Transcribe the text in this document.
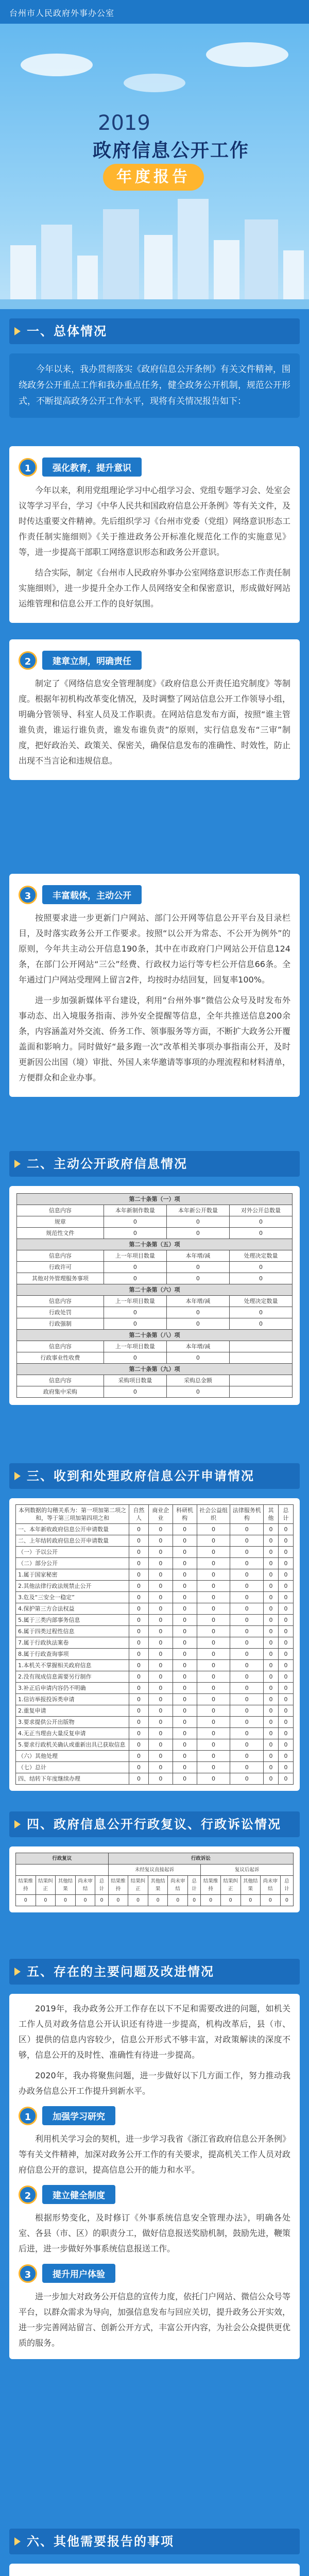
台州市人民政府外事办公室
2019
政府信息公开工作
年度报告
一、总体情况

今年以来，我办贯彻落实《政府信息公开条例》有关文件精神，围绕政务公开重点工作和我办重点任务，健全政务公开机制，规范公开形式，不断提高政务公开工作水平，现将有关情况报告如下：

1	强化教育，提升意识

今年以来，利用党组理论学习中心组学习会、党组专题学习会、处室会议等学习平台，学习《中华人民共和国政府信息公开条例》等有关文件，及时传达重要文件精神。先后组织学习《台州市党委（党组）网络意识形态工作责任制实施细则》《关于推进政务公开标准化规范化工作的实施意见》等，进一步提高干部职工网络意识形态和政务公开意识。

结合实际，制定《台州市人民政府外事办公室网络意识形态工作责任制实施细则》，进一步提升全办工作人员网络安全和保密意识，形成做好网站运维管理和信息公开工作的良好氛围。

2	建章立制，明确责任

制定了《网络信息安全管理制度》《政府信息公开责任追究制度》等制度。根据年初机构改革变化情况，及时调整了网站信息公开工作领导小组，明确分管领导、科室人员及工作职责。在网站信息发布方面，按照“谁主管谁负责，谁运行谁负责，谁发布谁负责”的原则，实行信息发布“三审”制度，把好政治关、政策关、保密关，确保信息发布的准确性、时效性，防止出现不当言论和违规信息。

3	丰富载体，主动公开

按照要求进一步更新门户网站、部门公开网等信息公开平台及目录栏目，及时落实政务公开工作要求。按照“以公开为常态、不公开为例外”的原则，今年共主动公开信息190条，其中在市政府门户网站公开信息124条，在部门公开网站“三公”经费、行政权力运行等专栏公开信息66条。全年通过门户网站受理网上留言2件，均按时办结回复，回复率100%。

进一步加强新媒体平台建设，利用“台州外事”微信公众号及时发布外事动态、出入境服务指南、涉外安全提醒等信息，全年共推送信息200余条，内容涵盖对外交流、侨务工作、领事服务等方面，不断扩大政务公开覆盖面和影响力。同时做好“最多跑一次”改革相关事项办事指南公开，及时更新因公出国（境）审批、外国人来华邀请等事项的办理流程和材料清单，方便群众和企业办事。

二、主动公开政府信息情况
第二十条第（一）项			
信息内容	本年新制作数量	本年新公开数量	对外公开总数量
规章	0	0	0
规范性文件	0	0	0
第二十条第（五）项			
信息内容	上一年项目数量	本年增/减	处理决定数量
行政许可	0	0	0
其他对外管理服务事项	0	0	0
第二十条第（六）项			
信息内容	上一年项目数量	本年增/减	处理决定数量
行政处罚	0	0	0
行政强制	0	0	0
第二十条第（八）项			
信息内容	上一年项目数量	本年增/减	
行政事业性收费	0	0	
第二十条第（九）项			
信息内容	采购项目数量	采购总金额	
政府集中采购	0	0	
三、收到和处理政府信息公开申请情况
本列数据的勾稽关系为：第一项加第二项之和，等于第三项加第四项之和	自然人	商业企业	科研机构	社会公益组织	法律服务机构	其他	总计
一、本年新收政府信息公开申请数量	0	0	0	0	0	0	0
二、上年结转政府信息公开申请数量	0	0	0	0	0	0	0
（一）予以公开	0	0	0	0	0	0	0
（二）部分公开	0	0	0	0	0	0	0
1.属于国家秘密	0	0	0	0	0	0	0
2.其他法律行政法规禁止公开	0	0	0	0	0	0	0
3.危及“三安全一稳定”	0	0	0	0	0	0	0
4.保护第三方合法权益	0	0	0	0	0	0	0
5.属于三类内部事务信息	0	0	0	0	0	0	0
6.属于四类过程性信息	0	0	0	0	0	0	0
7.属于行政执法案卷	0	0	0	0	0	0	0
8.属于行政查询事项	0	0	0	0	0	0	0
1.本机关不掌握相关政府信息	0	0	0	0	0	0	0
2.没有现成信息需要另行制作	0	0	0	0	0	0	0
3.补正后申请内容仍不明确	0	0	0	0	0	0	0
1.信访举报投诉类申请	0	0	0	0	0	0	0
2.重复申请	0	0	0	0	0	0	0
3.要求提供公开出版物	0	0	0	0	0	0	0
4.无正当理由大量反复申请	0	0	0	0	0	0	0
5.要求行政机关确认或重新出具已获取信息	0	0	0	0	0	0	0
（六）其他处理	0	0	0	0	0	0	0
（七）总计	0	0	0	0	0	0	0
四、结转下年度继续办理	0	0	0	0	0	0	0
四、政府信息公开行政复议、行政诉讼情况
行政复议					行政诉讼									
					未经复议直接起诉					复议后起诉				
结果维持	结果纠正	其他结果	尚未审结	总计	结果维持	结果纠正	其他结果	尚未审结	总计	结果维持	结果纠正	其他结果	尚未审结	总计
0	0	0	0	0	0	0	0	0	0	0	0	0	0	0
五、存在的主要问题及改进情况

2019年，我办政务公开工作存在以下不足和需要改进的问题，如机关工作人员对政务信息公开认识还有待进一步提高，机构改革后，县（市、区）提供的信息内容较少，信息公开形式不够丰富，对政策解读的深度不够，信息公开的及时性、准确性有待进一步提高。

2020年，我办将聚焦问题，进一步做好以下几方面工作，努力推动我办政务信息公开工作提升到新水平。

1	加强学习研究

利用机关学习会的契机，进一步学习我省《浙江省政府信息公开条例》等有关文件精神，加深对政务公开工作的有关要求，提高机关工作人员对政府信息公开的意识，提高信息公开的能力和水平。

2	建立健全制度

根据形势变化，及时修订《外事系统信息安全管理办法》，明确各处室、各县（市、区）的职责分工，做好信息报送奖励机制，鼓励先进，鞭策后进，进一步做好外事系统信息报送工作。

3	提升用户体验

进一步加大对政务公开信息的宣传力度，依托门户网站、微信公众号等平台，以群众需求为导向，加强信息发布与回应关切，提升政务公开实效，进一步完善网站留言、创新公开方式，丰富公开内容，为社会公众提供更优质的服务。

六、其他需要报告的事项
